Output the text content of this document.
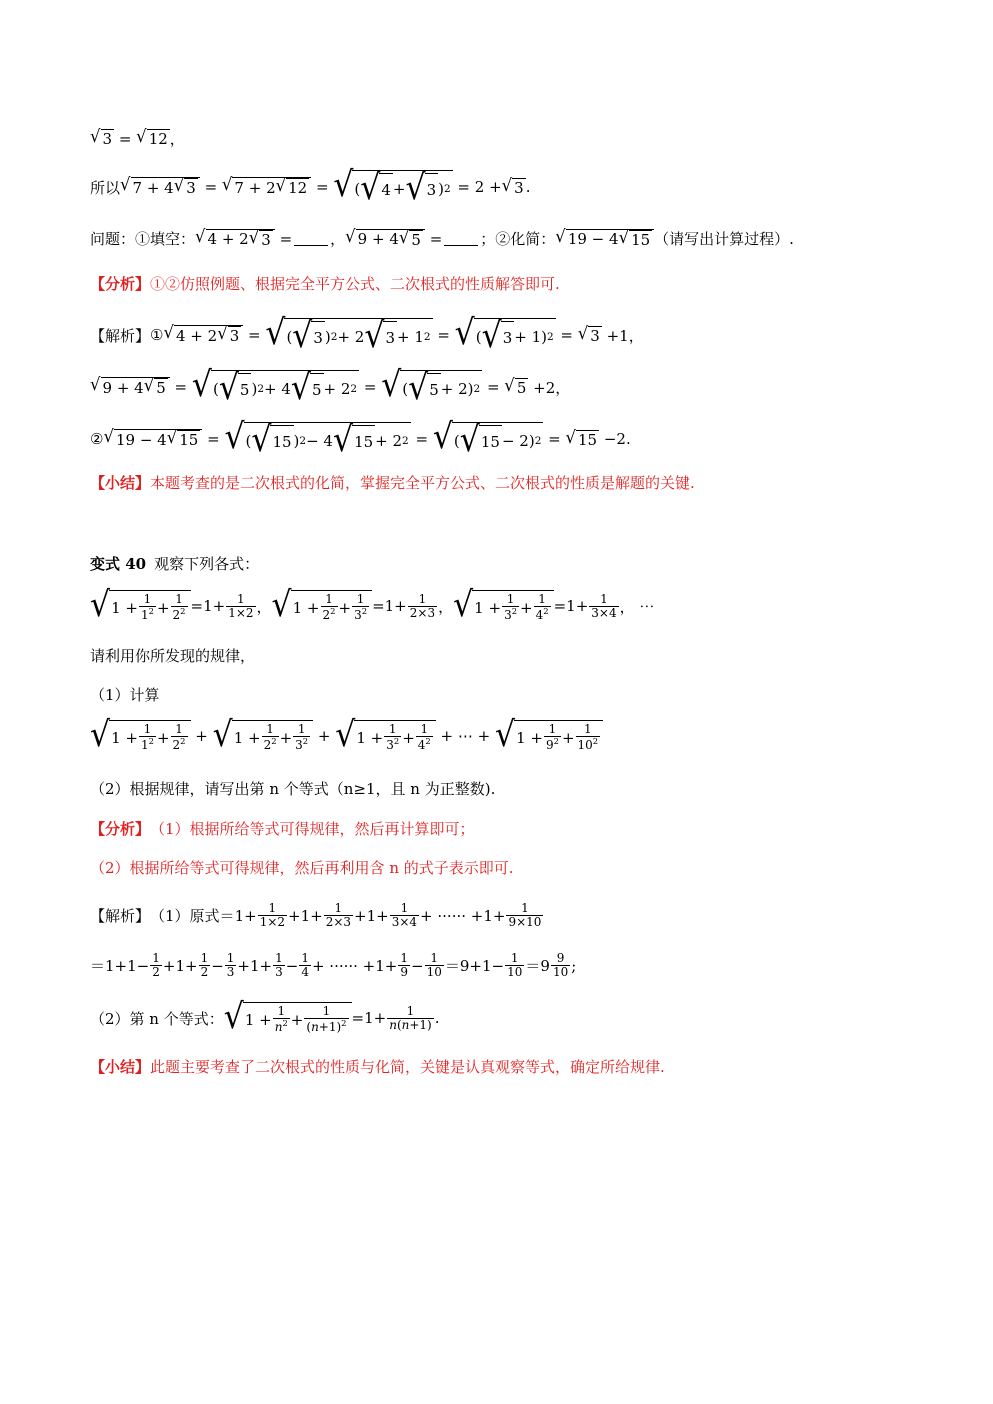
√ 3 = √ 12 ，
所以 √ 7 + 4 √ 3 = √ 7 + 2 √ 12 = √ ( √ 4 + √ 3 ) 2 = 2 + √ 3 .
问题：①填空： √ 4 + 2 √ 3 =	， √ 9 + 4 √ 5 =	；②化简： √ 19 − 4 √ 15 （请写出计算过程）.
【分析】 ①②仿照例题、根据完全平方公式、二次根式的性质解答即可.
【解析】 ① √ 4 + 2 √ 3 = √ ( √ 3 ) 2 + 2 √ 3 + 1 2 = √ ( √ 3 + 1) 2 = √ 3 +1，
√ 9 + 4 √ 5 = √ ( √ 5 ) 2 + 4 √ 5 + 2 2 = √ ( √ 5 + 2) 2 = √ 5 +2，
② √ 19 − 4 √ 15 = √ ( √ 15 ) 2 − 4 √ 15 + 2 2 = √ ( √ 15 − 2) 2 = √ 15 −2.
【小结】 本题考查的是二次根式的化简，掌握完全平方公式、二次根式的性质是解题的关键.
变式 40 观察下列各式：
√ $1 + \frac{1}{1^2} + \frac{1}{2^2} =1+ \frac{1}{1\times 2}$ ， √ $1 + \frac{1}{2^2} + \frac{1}{3^2} =1+ \frac{1}{2\times 3}$ ， √ $1 + \frac{1}{3^2} + \frac{1}{4^2} =1+ \frac{1}{3\times 4}$ ， ⋯
请利用你所发现的规律，
（1）计算
√ $1 + \frac{1}{1^2} + \frac{1}{2^2}$ + √ $1 + \frac{1}{2^2} + \frac{1}{3^2}$ + √ $1 + \frac{1}{3^2} + \frac{1}{4^2}$ + ⋯ + √ $1 + \frac{1}{9^2} + \frac{1}{10^2}$
（2）根据规律，请写出第 n 个等式（n≥1，且 n 为正整数).
【分析】 （1）根据所给等式可得规律，然后再计算即可；
（2）根据所给等式可得规律，然后再利用含 n 的式子表示即可.
【解析】 （1）原式＝ $1+ \frac{1}{1\times 2} +1+ \frac{1}{2\times 3} +1+ \frac{1}{3\times 4}$ + ······ $+1+ \frac{1}{9\times 10}$
$=1+1- \frac{1}{2} +1+ \frac{1}{2} - \frac{1}{3} +1+ \frac{1}{3} - \frac{1}{4}$ + ······ $+1+ \frac{1}{9} - \frac{1}{10} =9+1- \frac{1}{10} =9 \frac{9}{10}$ ;
（2）第 n 个等式： √ $1 + \frac{1}{n^2} + \frac{1}{(n+1)^2} =1+ \frac{1}{n(n+1)}$ .
【小结】 此题主要考查了二次根式的性质与化简，关键是认真观察等式，确定所给规律.
